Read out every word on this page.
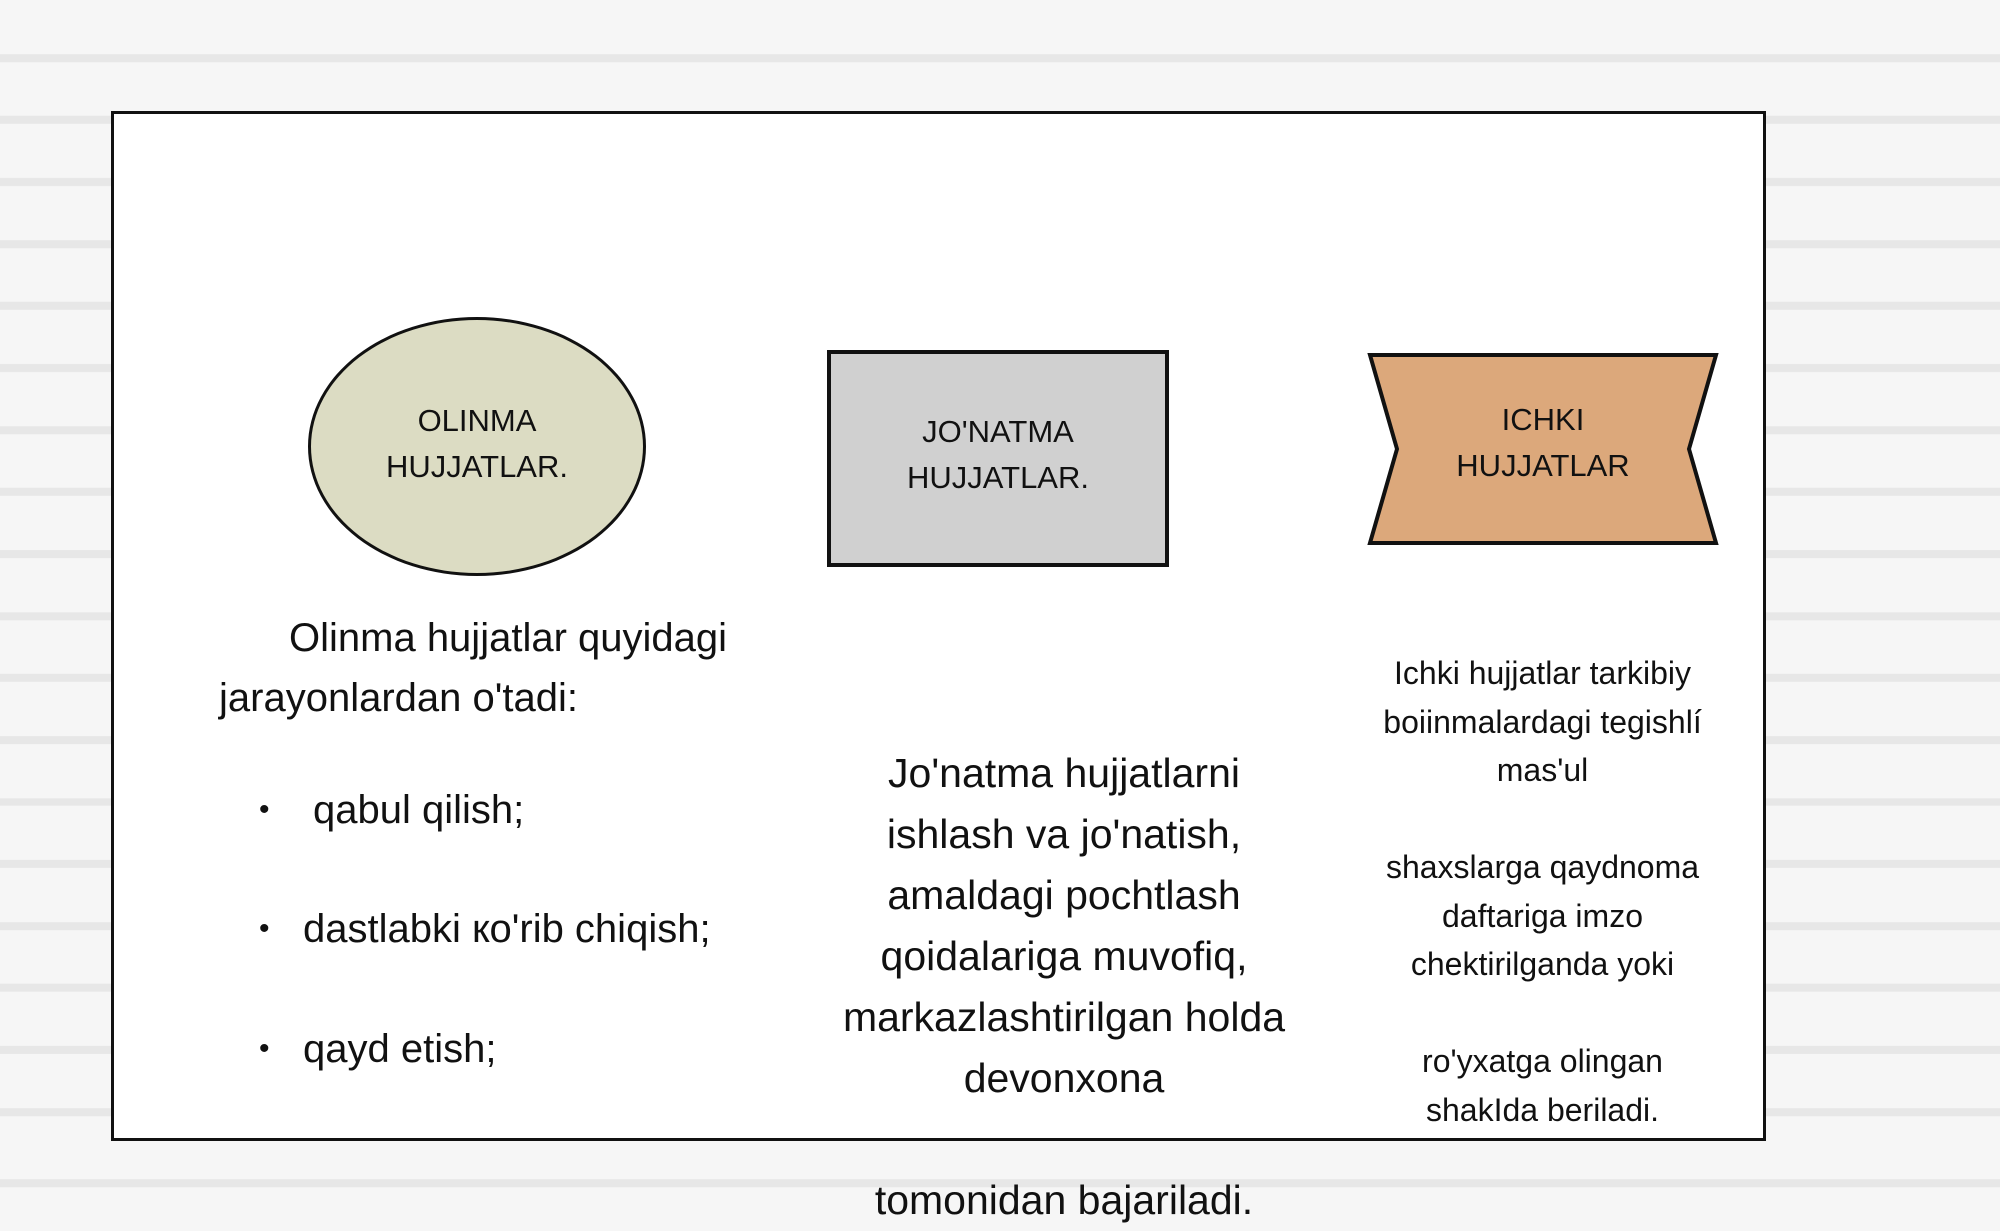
OLINMA
HUJJATLAR.
JO'NATMA
HUJJATLAR.
ICHKI
HUJJATLAR
Olinma hujjatlar quyidagi jarayonlardan o'tadi:
•	qabul qilish;
• dastlabki кo'rib chiqish;
• qayd etish;
Jo'natma hujjatlarni
ishlash va jo'natish,
amaldagi pochtlash
qoidalariga muvofiq,
markazlashtirilgan holda
devonxona
tomonidan bajariladi.
Ichki hujjatlar tarkibiy
boiinmalardagi tegishlí
mas'ul
shaxslarga qaydnoma
daftariga imzo
chektirilganda yoki
ro'yxatga olingan
shakIda beriladi.
